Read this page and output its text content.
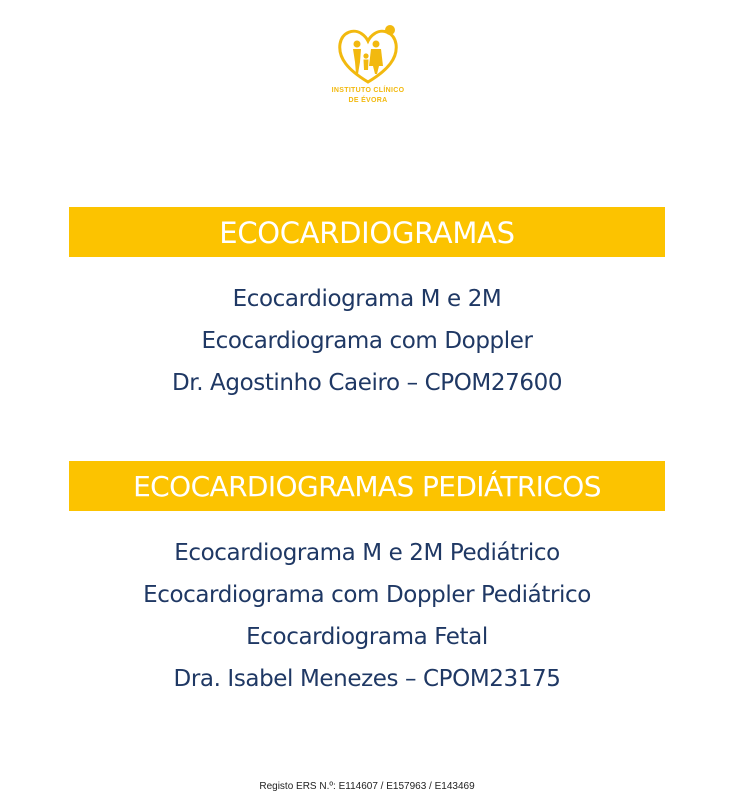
INSTITUTO CLÍNICO
DE ÉVORA
ECOCARDIOGRAMAS
Ecocardiograma M e 2M
Ecocardiograma com Doppler
Dr. Agostinho Caeiro – CPOM27600
ECOCARDIOGRAMAS PEDIÁTRICOS
Ecocardiograma M e 2M Pediátrico
Ecocardiograma com Doppler Pediátrico
Ecocardiograma Fetal
Dra. Isabel Menezes – CPOM23175
Registo ERS N.º: E114607 / E157963 / E143469
